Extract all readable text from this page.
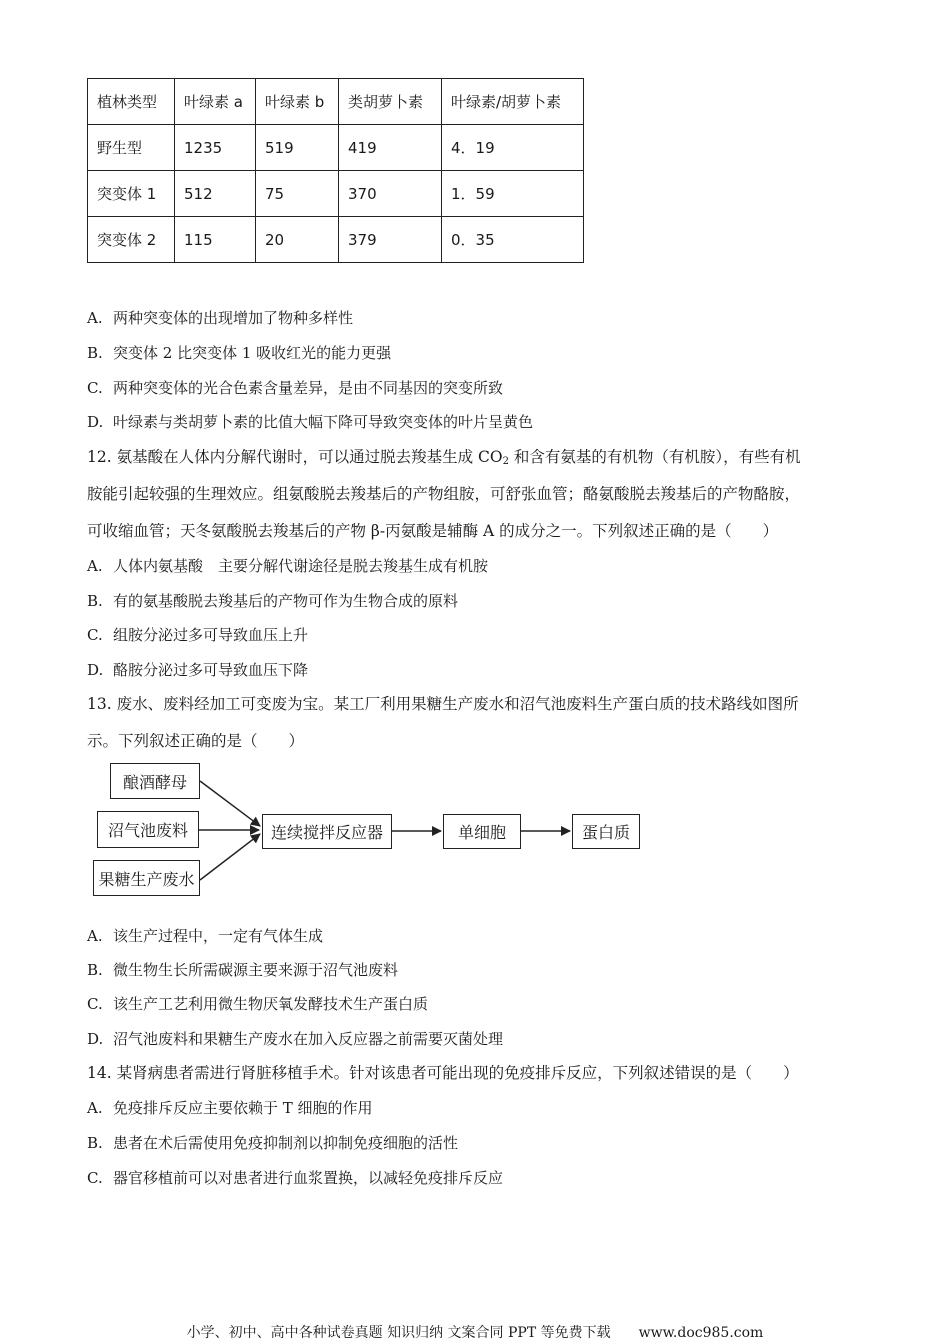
植林类型	叶绿素 a	叶绿素 b	类胡萝卜素	叶绿素/胡萝卜素
野生型	1235	519	419	4．19
突变体 1	512	75	370	1．59
突变体 2	115	20	379	0．35
A. 两种突变体的出现增加了物种多样性
B. 突变体 2 比突变体 1 吸收红光的能力更强
C. 两种突变体的光合色素含量差异，是由不同基因的突变所致
D. 叶绿素与类胡萝卜素的比值大幅下降可导致突变体的叶片呈黄色
12. 氨基酸在人体内分解代谢时，可以通过脱去羧基生成 $CO_2$ 和含有氨基的有机物（有机胺），有些有机
胺能引起较强的生理效应。组氨酸脱去羧基后的产物组胺，可舒张血管；酪氨酸脱去羧基后的产物酪胺，
可收缩血管；天冬氨酸脱去羧基后的产物 β-丙氨酸是辅酶 A 的成分之一。下列叙述正确的是（　　）
A. 人体内氨基酸　主要分解代谢途径是脱去羧基生成有机胺
B. 有的氨基酸脱去羧基后的产物可作为生物合成的原料
C. 组胺分泌过多可导致血压上升
D. 酪胺分泌过多可导致血压下降
13. 废水、废料经加工可变废为宝。某工厂利用果糖生产废水和沼气池废料生产蛋白质的技术路线如图所
示。下列叙述正确的是（　　）
酿酒酵母
沼气池废料
果糖生产废水
连续搅拌反应器	单细胞	蛋白质
A. 该生产过程中，一定有气体生成
B. 微生物生长所需碳源主要来源于沼气池废料
C. 该生产工艺利用微生物厌氧发酵技术生产蛋白质
D. 沼气池废料和果糖生产废水在加入反应器之前需要灭菌处理
14. 某肾病患者需进行肾脏移植手术。针对该患者可能出现的免疫排斥反应，下列叙述错误的是（　　）
A. 免疫排斥反应主要依赖于 T 细胞的作用
B. 患者在术后需使用免疫抑制剂以抑制免疫细胞的活性
C. 器官移植前可以对患者进行血浆置换，以减轻免疫排斥反应
小学、初中、高中各种试卷真题 知识归纳 文案合同 PPT 等免费下载　　www.doc985.com
